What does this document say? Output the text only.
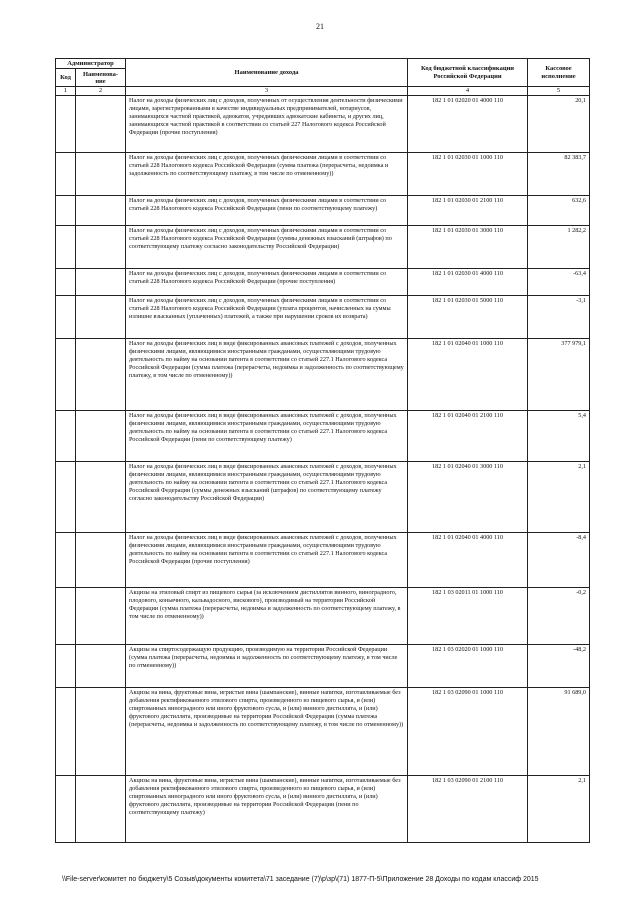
21
Администратор		Наименование дохода	Код бюджетной классификации Российской Федерации	Кассовое исполнение
Код	Наименова-ние			
1	2	3	4	5
		Налог на доходы физических лиц с доходов, полученных от осуществления деятельности физическими лицами, зарегистрированными в качестве индивидуальных предпринимателей, нотариусов, занимающихся частной практикой, адвокатов, учредивших адвокатские кабинеты, и других лиц, занимающихся частной практикой в соответствии со статьей 227 Налогового кодекса Российской Федерации (прочие поступления)	182 1 01 02020 01 4000 110	20,1
		Налог на доходы физических лиц с доходов, полученных физическими лицами в соответствии со статьей 228 Налогового кодекса Российской Федерации (сумма платежа (перерасчеты, недоимка и задолженность по соответствующему платежу, в том числе по отмененному))	182 1 01 02030 01 1000 110	82 383,7
		Налог на доходы физических лиц с доходов, полученных физическими лицами в соответствии со статьей 228 Налогового кодекса Российской Федерации (пени по соответствующему платежу)	182 1 01 02030 01 2100 110	632,6
		Налог на доходы физических лиц с доходов, полученных физическими лицами в соответствии со статьей 228 Налогового кодекса Российской Федерации (суммы денежных взысканий (штрафов) по соответствующему платежу согласно законодательству Российской Федерации)	182 1 01 02030 01 3000 110	1 282,2
		Налог на доходы физических лиц с доходов, полученных физическими лицами в соответствии со статьей 228 Налогового кодекса Российской Федерации (прочие поступления)	182 1 01 02030 01 4000 110	-63,4
		Налог на доходы физических лиц с доходов, полученных физическими лицами в соответствии со статьей 228 Налогового кодекса Российской Федерации (уплата процентов, начисленных на суммы излишне взысканных (уплаченных) платежей, а также при нарушении сроков их возврата)	182 1 01 02030 01 5000 110	-3,1
		Налог на доходы физических лиц в виде фиксированных авансовых платежей с доходов, полученных физическими лицами, являющимися иностранными гражданами, осуществляющими трудовую деятельность по найму на основании патента в соответствии со статьей 227.1 Налогового кодекса Российской Федерации (сумма платежа (перерасчеты, недоимка и задолженность по соответствующему платежу, в том числе по отмененному))	182 1 01 02040 01 1000 110	377 979,1
		Налог на доходы физических лиц в виде фиксированных авансовых платежей с доходов, полученных физическими лицами, являющимися иностранными гражданами, осуществляющими трудовую деятельность по найму на основании патента в соответствии со статьей 227.1 Налогового кодекса Российской Федерации (пени по соответствующему платежу)	182 1 01 02040 01 2100 110	5,4
		Налог на доходы физических лиц в виде фиксированных авансовых платежей с доходов, полученных физическими лицами, являющимися иностранными гражданами, осуществляющими трудовую деятельность по найму на основании патента в соответствии со статьей 227.1 Налогового кодекса Российской Федерации (суммы денежных взысканий (штрафов) по соответствующему платежу согласно законодательству Российской Федерации)	182 1 01 02040 01 3000 110	2,1
		Налог на доходы физических лиц в виде фиксированных авансовых платежей с доходов, полученных физическими лицами, являющимися иностранными гражданами, осуществляющими трудовую деятельность по найму на основании патента в соответствии со статьей 227.1 Налогового кодекса Российской Федерации (прочие поступления)	182 1 01 02040 01 4000 110	-8,4
		Акцизы на этиловый спирт из пищевого сырья (за исключением дистиллятов винного, виноградного, плодового, коньячного, кальвадосного, вискового), производимый на территории Российской Федерации (сумма платежа (перерасчеты, недоимка и задолженность по соответствующему платежу, в том числе по отмененному))	182 1 03 02011 01 1000 110	-0,2
		Акцизы на спиртосодержащую продукцию, производимую на территории Российской Федерации (сумма платежа (перерасчеты, недоимка и задолженность по соответствующему платежу, в том числе по отмененному))	182 1 03 02020 01 1000 110	-48,2
		Акцизы на вина, фруктовые вина, игристые вина (шампанские), винные напитки, изготавливаемые без добавления ректификованного этилового спирта, произведенного из пищевого сырья, и (или) спиртованных виноградного или иного фруктового сусла, и (или) винного дистиллята, и (или) фруктового дистиллята, производимые на территории Российской Федерации (сумма платежа (перерасчеты, недоимка и задолженность по соответствующему платежу, в том числе по отмененному))	182 1 03 02090 01 1000 110	91 689,0
		Акцизы на вина, фруктовые вина, игристые вина (шампанские), винные напитки, изготавливаемые без добавления ректификованного этилового спирта, произведенного из пищевого сырья, и (или) спиртованных виноградного или иного фруктового сусла, и (или) винного дистиллята, и (или) фруктового дистиллята, производимые на территории Российской Федерации (пени по соответствующему платежу)	182 1 03 02090 01 2100 110	2,1
\\File-server\комитет по бюджету\5 Созыв\документы комитета\71 заседание (7)\р\зр\(71) 1877-П-5\Приложение 28 Доходы по кодам классиф 2015
